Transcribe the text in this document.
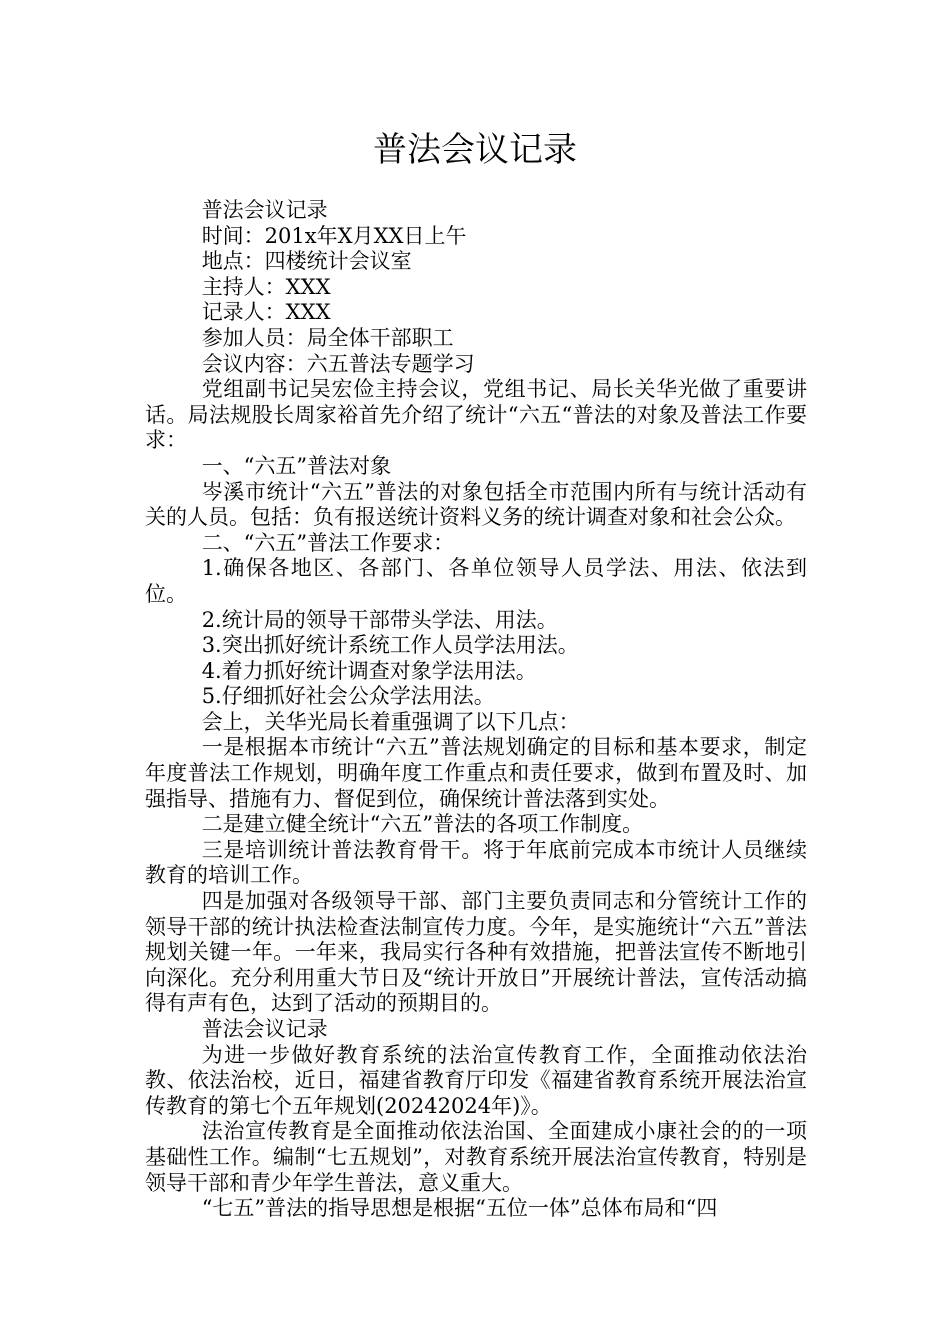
普法会议记录

普法会议记录

时间：201x年X月XX日上午

地点：四楼统计会议室

主持人：XXX

记录人：XXX

参加人员：局全体干部职工

会议内容：六五普法专题学习

党组副书记吴宏俭主持会议，党组书记、局长关华光做了重要讲话。局法规股长周家裕首先介绍了统计“六五“普法的对象及普法工作要求：

一、“六五”普法对象

岑溪市统计“六五”普法的对象包括全市范围内所有与统计活动有关的人员。包括：负有报送统计资料义务的统计调查对象和社会公众。

二、“六五”普法工作要求：

1.确保各地区、各部门、各单位领导人员学法、用法、依法到位。

2.统计局的领导干部带头学法、用法。

3.突出抓好统计系统工作人员学法用法。

4.着力抓好统计调查对象学法用法。

5.仔细抓好社会公众学法用法。

会上，关华光局长着重强调了以下几点：

一是根据本市统计“六五”普法规划确定的目标和基本要求，制定年度普法工作规划，明确年度工作重点和责任要求，做到布置及时、加强指导、措施有力、督促到位，确保统计普法落到实处。

二是建立健全统计“六五”普法的各项工作制度。

三是培训统计普法教育骨干。将于年底前完成本市统计人员继续教育的培训工作。

四是加强对各级领导干部、部门主要负责同志和分管统计工作的领导干部的统计执法检查法制宣传力度。今年，是实施统计“六五”普法规划关键一年。一年来，我局实行各种有效措施，把普法宣传不断地引向深化。充分利用重大节日及“统计开放日”开展统计普法，宣传活动搞得有声有色，达到了活动的预期目的。

普法会议记录

为进一步做好教育系统的法治宣传教育工作，全面推动依法治教、依法治校，近日，福建省教育厅印发《福建省教育系统开展法治宣传教育的第七个五年规划(20242024年)》。

法治宣传教育是全面推动依法治国、全面建成小康社会的的一项基础性工作。编制“七五规划”，对教育系统开展法治宣传教育，特别是领导干部和青少年学生普法，意义重大。

“七五”普法的指导思想是根据“五位一体”总体布局和“四
